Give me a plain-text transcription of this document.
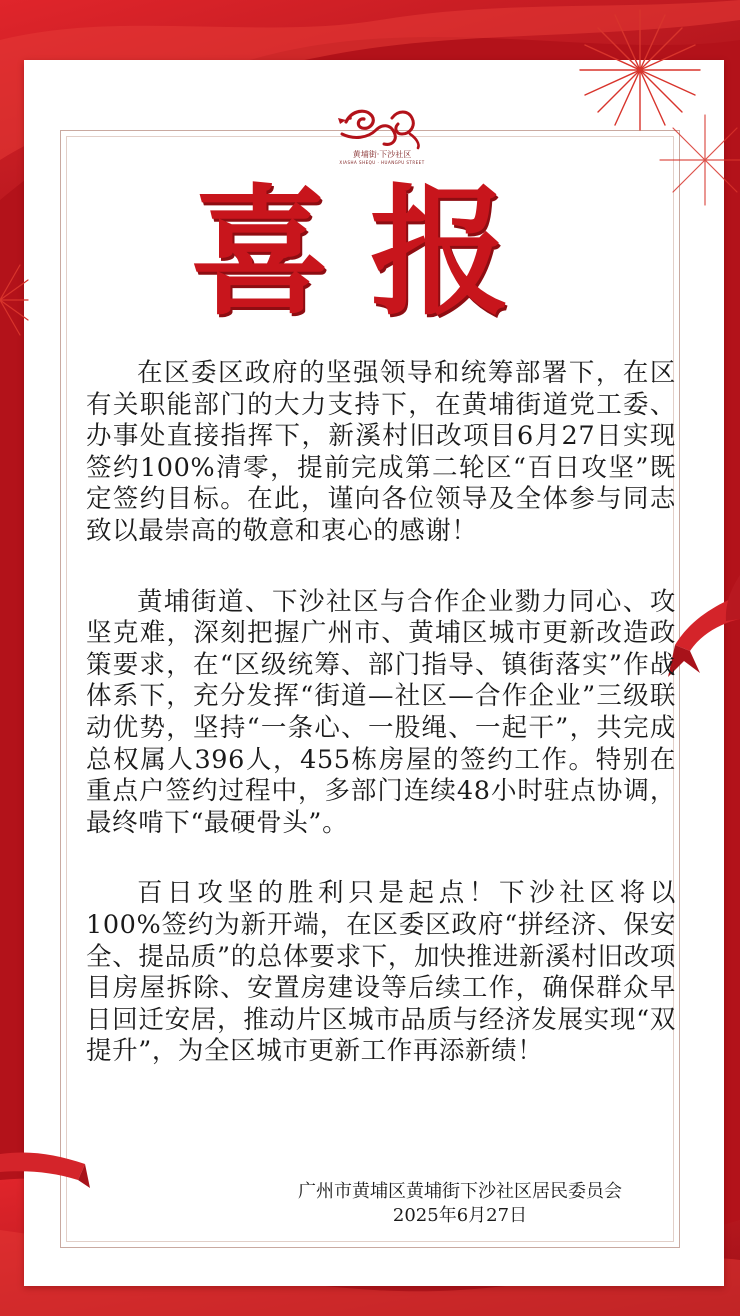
黄埔街·下沙社区
XIASHA SHEQU · HUANGPU STREET
喜报

在区委区政府的坚强领导和统筹部署下，在区有关职能部门的大力支持下，在黄埔街道党工委、办事处直接指挥下，新溪村旧改项目6月27日实现签约100%清零，提前完成第二轮区“百日攻坚”既定签约目标。在此，谨向各位领导及全体参与同志致以最崇高的敬意和衷心的感谢！

黄埔街道、下沙社区与合作企业勠力同心、攻坚克难，深刻把握广州市、黄埔区城市更新改造政策要求，在“区级统筹、部门指导、镇街落实”作战体系下，充分发挥“街道—社区—合作企业”三级联动优势，坚持“一条心、一股绳、一起干”，共完成总权属人396人，455栋房屋的签约工作。特别在重点户签约过程中，多部门连续48小时驻点协调，最终啃下“最硬骨头”。

百日攻坚的胜利只是起点！下沙社区将以100%签约为新开端，在区委区政府“拼经济、保安全、提品质”的总体要求下，加快推进新溪村旧改项目房屋拆除、安置房建设等后续工作，确保群众早日回迁安居，推动片区城市品质与经济发展实现“双提升”，为全区城市更新工作再添新绩！

广州市黄埔区黄埔街下沙社区居民委员会
2025年6月27日
